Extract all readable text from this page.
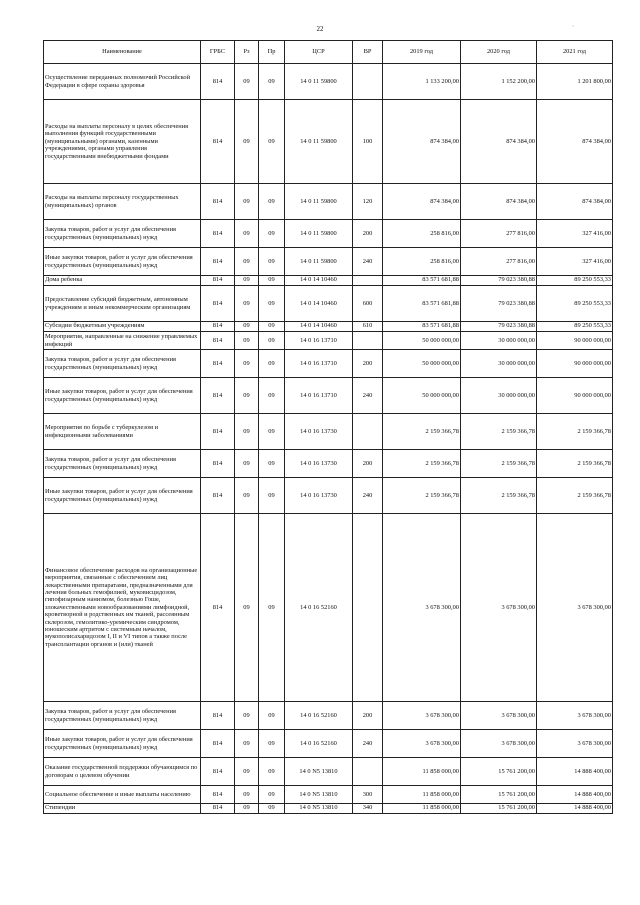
22	`
Наименование	ГРБС	Рз	Пр	ЦСР	ВР	2019 год	2020 год	2021 год
Осуществление переданных полномочий Российской Федерации в сфере охраны здоровья	814	09	09	14 0 11 59800		1 133 200,00	1 152 200,00	1 201 800,00
Расходы на выплаты персоналу в целях обеспечения выполнения функций государственными (муниципальными) органами, казенными учреждениями, органами управления государственными внебюджетными фондами	814	09	09	14 0 11 59800	100	874 384,00	874 384,00	874 384,00
Расходы на выплаты персоналу государственных (муниципальных) органов	814	09	09	14 0 11 59800	120	874 384,00	874 384,00	874 384,00
Закупка товаров, работ и услуг для обеспечения государственных (муниципальных) нужд	814	09	09	14 0 11 59800	200	258 816,00	277 816,00	327 416,00
Иные закупки товаров, работ и услуг для обеспечения государственных (муниципальных) нужд	814	09	09	14 0 11 59800	240	258 816,00	277 816,00	327 416,00
Дома ребенка	814	09	09	14 0 14 10460		83 571 681,88	79 023 380,88	89 250 553,33
Предоставление субсидий бюджетным, автономным учреждениям и иным некоммерческим организациям	814	09	09	14 0 14 10460	600	83 571 681,88	79 023 380,88	89 250 553,33
Субсидии бюджетным учреждениям	814	09	09	14 0 14 10460	610	83 571 681,88	79 023 380,88	89 250 553,33
Мероприятия, направленные на снижение управляемых инфекций	814	09	09	14 0 16 13710		50 000 000,00	30 000 000,00	90 000 000,00
Закупка товаров, работ и услуг для обеспечения государственных (муниципальных) нужд	814	09	09	14 0 16 13710	200	50 000 000,00	30 000 000,00	90 000 000,00
Иные закупки товаров, работ и услуг для обеспечения государственных (муниципальных) нужд	814	09	09	14 0 16 13710	240	50 000 000,00	30 000 000,00	90 000 000,00
Мероприятия по борьбе с туберкулезом и инфекционными заболеваниями	814	09	09	14 0 16 13730		2 159 366,78	2 159 366,78	2 159 366,78
Закупка товаров, работ и услуг для обеспечения государственных (муниципальных) нужд	814	09	09	14 0 16 13730	200	2 159 366,78	2 159 366,78	2 159 366,78
Иные закупки товаров, работ и услуг для обеспечения государственных (муниципальных) нужд	814	09	09	14 0 16 13730	240	2 159 366,78	2 159 366,78	2 159 366,78
Финансовое обеспечение расходов на организационные мероприятия, связанные с обеспечением лиц лекарственными препаратами, предназначенными для лечения больных гемофилией, муковисцидозом, гипофизарным нанизмом, болезнью Гоше, злокачественными новообразованиями лимфоидной, кроветворной и родственных им тканей, рассеянным склерозом, гемолитико-уремическим синдромом, юношеским артритом с системным началом, мукополисахаридозом I, II и VI типов а также после трансплантации органов и (или) тканей	814	09	09	14 0 16 52160		3 678 300,00	3 678 300,00	3 678 300,00
Закупка товаров, работ и услуг для обеспечения государственных (муниципальных) нужд	814	09	09	14 0 16 52160	200	3 678 300,00	3 678 300,00	3 678 300,00
Иные закупки товаров, работ и услуг для обеспечения государственных (муниципальных) нужд	814	09	09	14 0 16 52160	240	3 678 300,00	3 678 300,00	3 678 300,00
Оказание государственной поддержки обучающимся по договорам о целевом обучении	814	09	09	14 0 N5 13810		11 858 000,00	15 761 200,00	14 888 400,00
Социальное обеспечение и иные выплаты населению	814	09	09	14 0 N5 13810	300	11 858 000,00	15 761 200,00	14 888 400,00
Стипендии	814	09	09	14 0 N5 13810	340	11 858 000,00	15 761 200,00	14 888 400,00
